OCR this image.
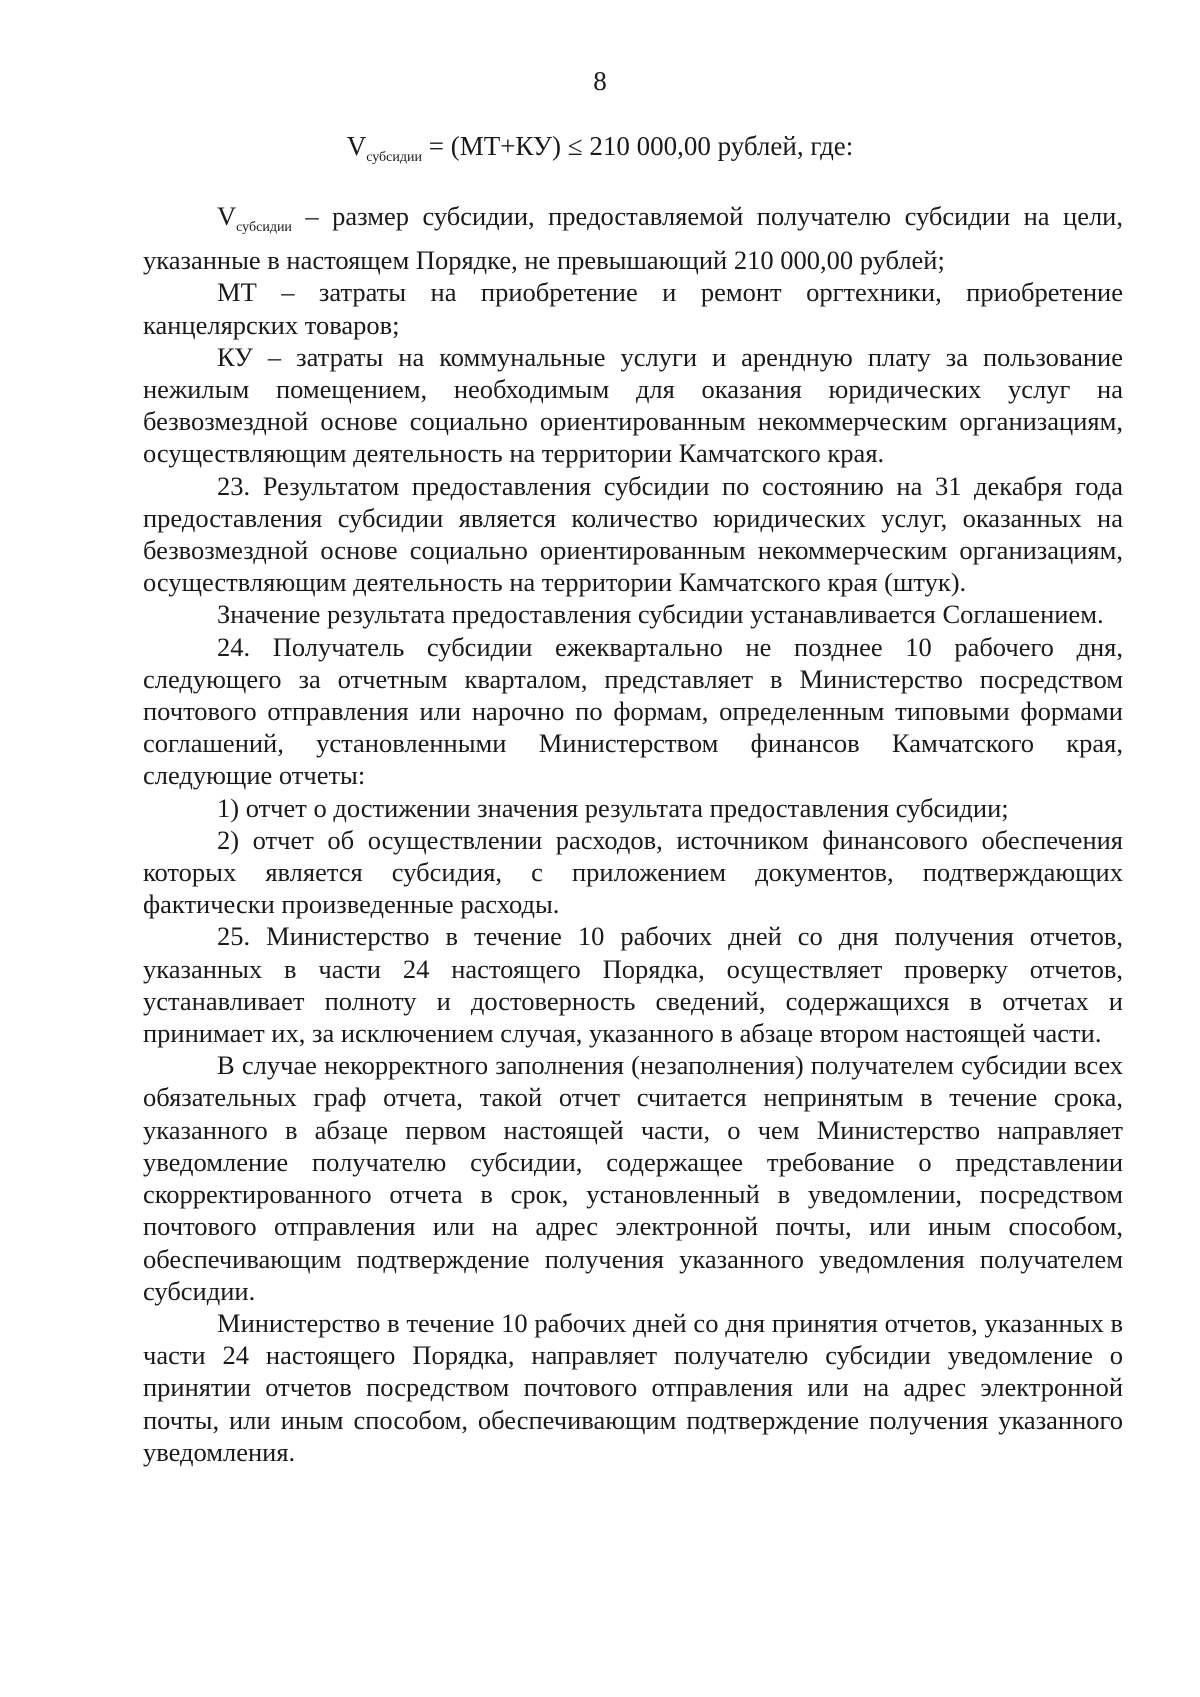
8
$V_{субсидии} = (МТ+КУ) \le 210$ 000,00 рублей, где:

$V_{субсидии}$ – размер субсидии, предоставляемой получателю субсидии на цели, указанные в настоящем Порядке, не превышающий 210 000,00 рублей;

МТ – затраты на приобретение и ремонт оргтехники, приобретение канцелярских товаров;

КУ – затраты на коммунальные услуги и арендную плату за пользование нежилым помещением, необходимым для оказания юридических услуг на безвозмездной основе социально ориентированным некоммерческим организациям, осуществляющим деятельность на территории Камчатского края.

23. Результатом предоставления субсидии по состоянию на 31 декабря года предоставления субсидии является количество юридических услуг, оказанных на безвозмездной основе социально ориентированным некоммерческим организациям, осуществляющим деятельность на территории Камчатского края (штук).

Значение результата предоставления субсидии устанавливается Соглашением.

24. Получатель субсидии ежеквартально не позднее 10 рабочего дня, следующего за отчетным кварталом, представляет в Министерство посредством почтового отправления или нарочно по формам, определенным типовыми формами соглашений, установленными Министерством финансов Камчатского края, следующие отчеты:

1) отчет о достижении значения результата предоставления субсидии;

2) отчет об осуществлении расходов, источником финансового обеспечения которых является субсидия, с приложением документов, подтверждающих фактически произведенные расходы.

25. Министерство в течение 10 рабочих дней со дня получения отчетов, указанных в части 24 настоящего Порядка, осуществляет проверку отчетов, устанавливает полноту и достоверность сведений, содержащихся в отчетах и принимает их, за исключением случая, указанного в абзаце втором настоящей части.

В случае некорректного заполнения (незаполнения) получателем субсидии всех обязательных граф отчета, такой отчет считается непринятым в течение срока, указанного в абзаце первом настоящей части, о чем Министерство направляет уведомление получателю субсидии, содержащее требование о представлении скорректированного отчета в срок, установленный в уведомлении, посредством почтового отправления или на адрес электронной почты, или иным способом, обеспечивающим подтверждение получения указанного уведомления получателем субсидии.

Министерство в течение 10 рабочих дней со дня принятия отчетов, указанных в части 24 настоящего Порядка, направляет получателю субсидии уведомление о принятии отчетов посредством почтового отправления или на адрес электронной почты, или иным способом, обеспечивающим подтверждение получения указанного уведомления.
